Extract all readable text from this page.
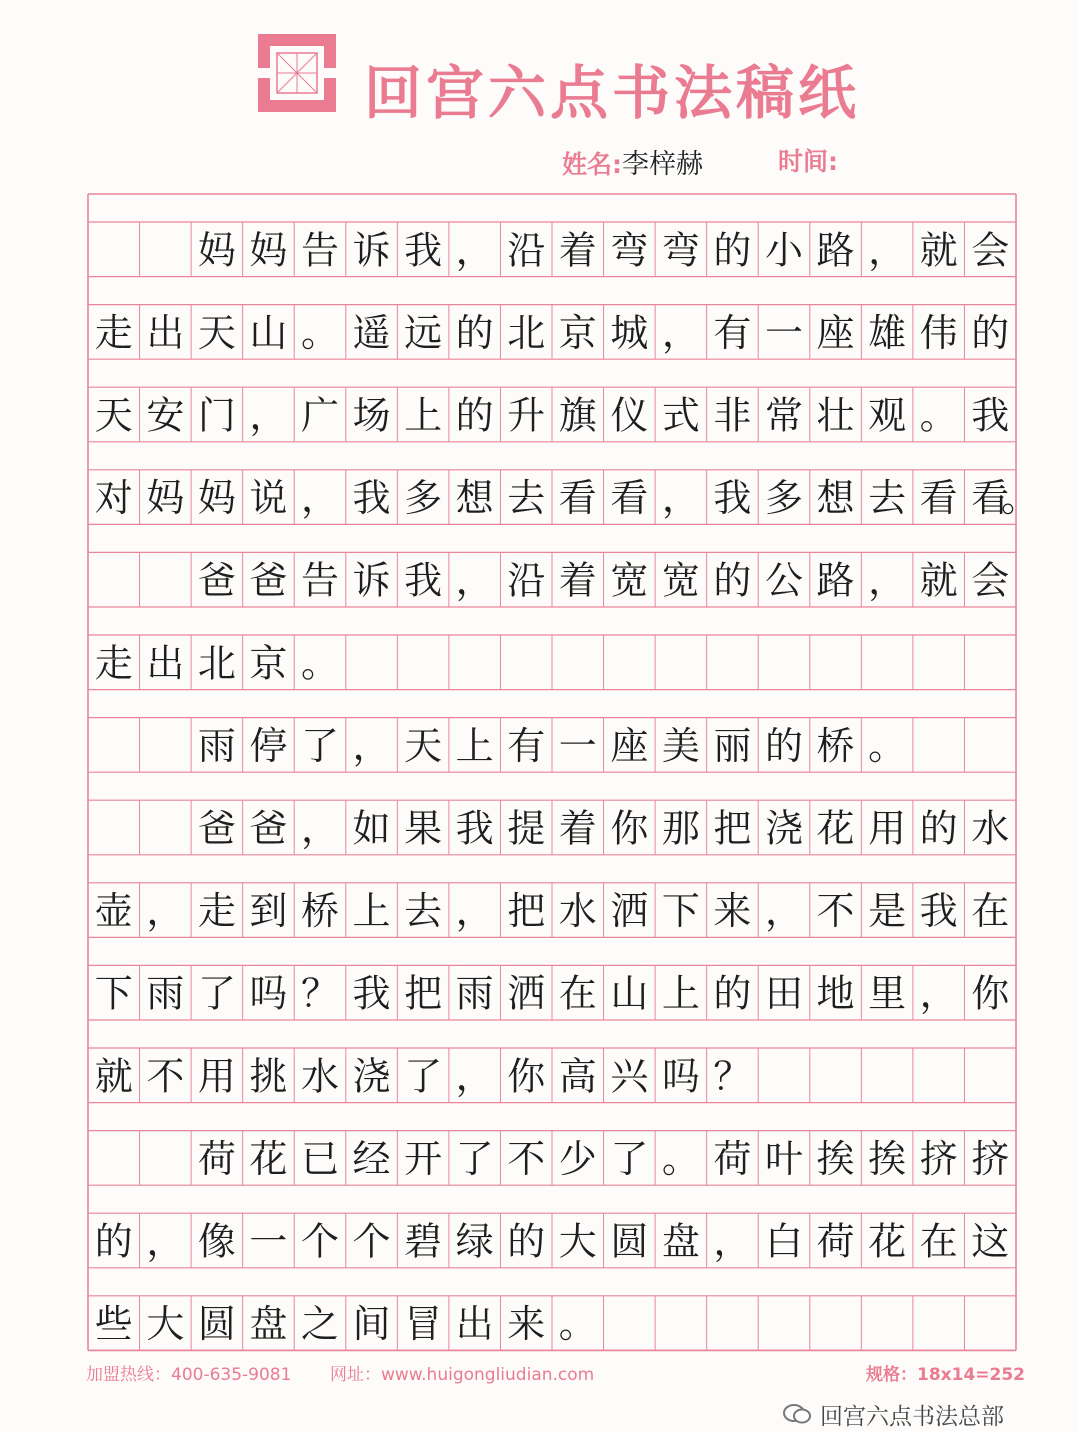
回宫六点书法稿纸
姓名:李梓赫	时间:
妈 妈 告 诉 我 ， 沿 着 弯 弯 的 小 路 ， 就 会
走 出 天 山 。 遥 远 的 北 京 城 ， 有 一 座 雄 伟 的
天 安 门 ， 广 场 上 的 升 旗 仪 式 非 常 壮 观 。 我
对 妈 妈 说 ， 我 多 想 去 看 看 ， 我 多 想 去 看 看
。
爸 爸 告 诉 我 ， 沿 着 宽 宽 的 公 路 ， 就 会
走 出 北 京 。
雨 停 了 ， 天 上 有 一 座 美 丽 的 桥 。
爸 爸 ， 如 果 我 提 着 你 那 把 浇 花 用 的 水
壶 ， 走 到 桥 上 去 ， 把 水 洒 下 来 ， 不 是 我 在
下 雨 了 吗 ？ 我 把 雨 洒 在 山 上 的 田 地 里 ， 你
就 不 用 挑 水 浇 了 ， 你 高 兴 吗 ？
荷 花 已 经 开 了 不 少 了 。 荷 叶 挨 挨 挤 挤
的 ， 像 一 个 个 碧 绿 的 大 圆 盘 ， 白 荷 花 在 这
些 大 圆 盘 之 间 冒 出 来 。
加盟热线：400-635-9081 网址：www.huigongliudian.com	规格：18x14=252
回宫六点书法总部
